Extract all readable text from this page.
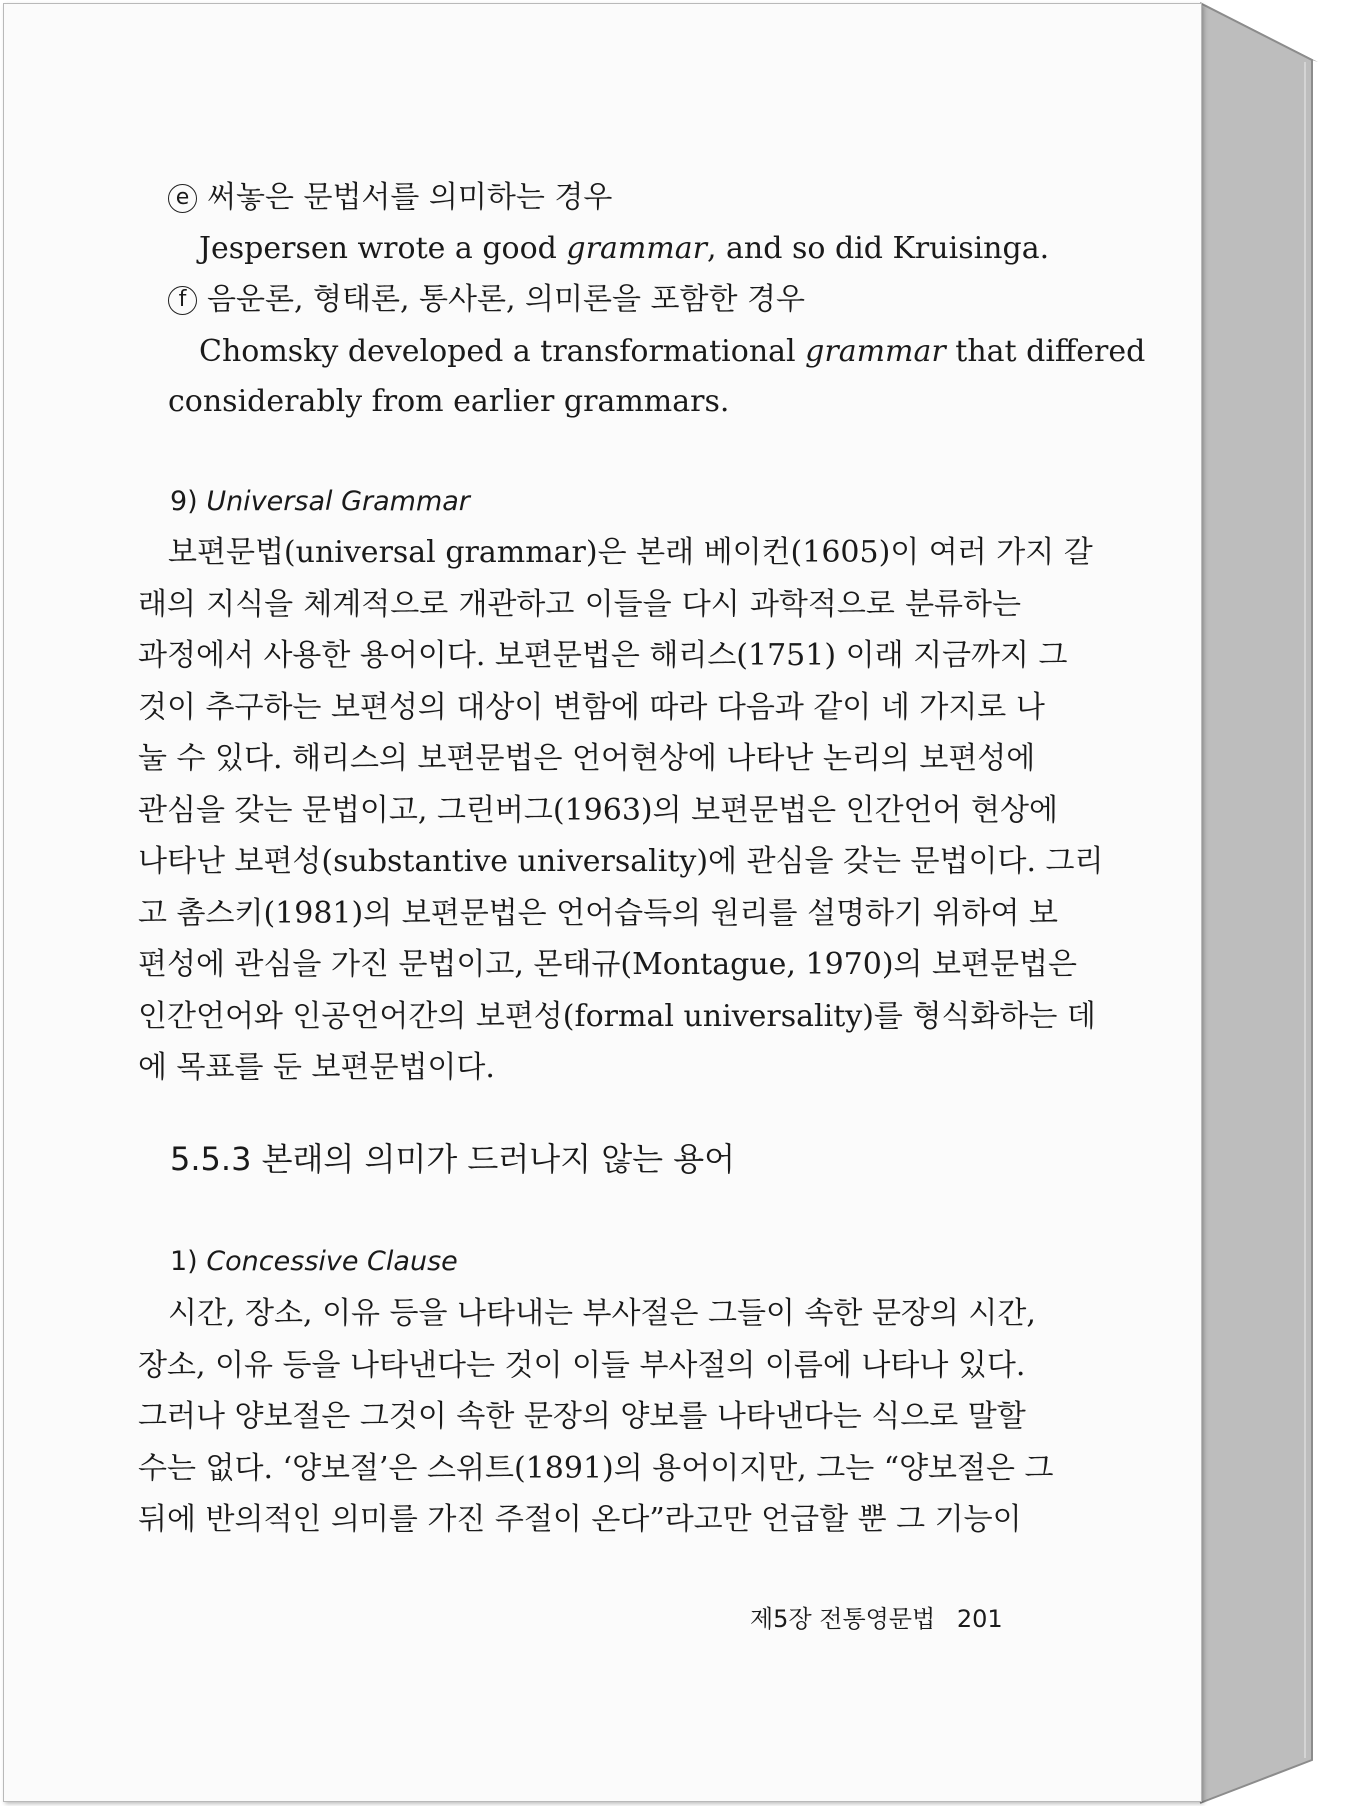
e 써놓은 문법서를 의미하는 경우
Jespersen wrote a good grammar, and so did Kruisinga.
f 음운론, 형태론, 통사론, 의미론을 포함한 경우
Chomsky developed a transformational grammar that differed
considerably from earlier grammars.
9) Universal Grammar
보편문법(universal grammar)은 본래 베이컨(1605)이 여러 가지 갈
래의 지식을 체계적으로 개관하고 이들을 다시 과학적으로 분류하는
과정에서 사용한 용어이다. 보편문법은 해리스(1751) 이래 지금까지 그
것이 추구하는 보편성의 대상이 변함에 따라 다음과 같이 네 가지로 나
눌 수 있다. 해리스의 보편문법은 언어현상에 나타난 논리의 보편성에
관심을 갖는 문법이고, 그린버그(1963)의 보편문법은 인간언어 현상에
나타난 보편성(substantive universality)에 관심을 갖는 문법이다. 그리
고 촘스키(1981)의 보편문법은 언어습득의 원리를 설명하기 위하여 보
편성에 관심을 가진 문법이고, 몬태규(Montague, 1970)의 보편문법은
인간언어와 인공언어간의 보편성(formal universality)를 형식화하는 데
에 목표를 둔 보편문법이다.
5.5.3 본래의 의미가 드러나지 않는 용어
1) Concessive Clause
시간, 장소, 이유 등을 나타내는 부사절은 그들이 속한 문장의 시간,
장소, 이유 등을 나타낸다는 것이 이들 부사절의 이름에 나타나 있다.
그러나 양보절은 그것이 속한 문장의 양보를 나타낸다는 식으로 말할
수는 없다. ‘양보절’은 스위트(1891)의 용어이지만, 그는 “양보절은 그
뒤에 반의적인 의미를 가진 주절이 온다”라고만 언급할 뿐 그 기능이
제5장 전통영문법 201
